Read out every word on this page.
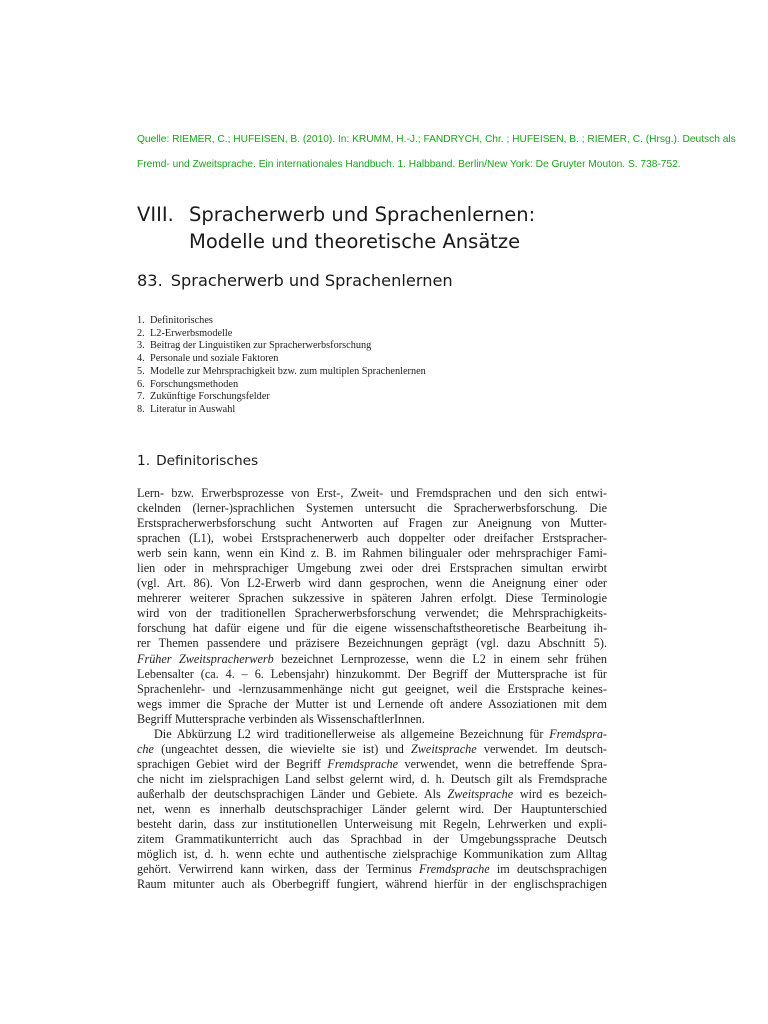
Quelle: RIEMER, C.; HUFEISEN, B. (2010). In: KRUMM, H.-J.; FANDRYCH, Chr. ; HUFEISEN, B. ; RIEMER, C. (Hrsg.). Deutsch als
Fremd- und Zweitsprache. Ein internationales Handbuch. 1. Halbband. Berlin/New York: De Gruyter Mouton. S. 738-752.
VIII. Spracherwerb und Sprachenlernen:
Modelle und theoretische Ansätze
83. Spracherwerb und Sprachenlernen
1. Definitorisches
2. L2-Erwerbsmodelle
3. Beitrag der Linguistiken zur Spracherwerbsforschung
4. Personale und soziale Faktoren
5. Modelle zur Mehrsprachigkeit bzw. zum multiplen Sprachenlernen
6. Forschungsmethoden
7. Zukünftige Forschungsfelder
8. Literatur in Auswahl
1. Definitorisches
Lern- bzw. Erwerbsprozesse von Erst-, Zweit- und Fremdsprachen und den sich entwi-
ckelnden (lerner-)sprachlichen Systemen untersucht die Spracherwerbsforschung. Die
Erstspracherwerbsforschung sucht Antworten auf Fragen zur Aneignung von Mutter-
sprachen (L1), wobei Erstsprachenerwerb auch doppelter oder dreifacher Erstspracher-
werb sein kann, wenn ein Kind z. B. im Rahmen bilingualer oder mehrsprachiger Fami-
lien oder in mehrsprachiger Umgebung zwei oder drei Erstsprachen simultan erwirbt
(vgl. Art. 86). Von L2-Erwerb wird dann gesprochen, wenn die Aneignung einer oder
mehrerer weiterer Sprachen sukzessive in späteren Jahren erfolgt. Diese Terminologie
wird von der traditionellen Spracherwerbsforschung verwendet; die Mehrsprachigkeits-
forschung hat dafür eigene und für die eigene wissenschaftstheoretische Bearbeitung ih-
rer Themen passendere und präzisere Bezeichnungen geprägt (vgl. dazu Abschnitt 5).
Früher Zweitspracherwerb bezeichnet Lernprozesse, wenn die L2 in einem sehr frühen
Lebensalter (ca. 4. – 6. Lebensjahr) hinzukommt. Der Begriff der Muttersprache ist für
Sprachenlehr- und -lernzusammenhänge nicht gut geeignet, weil die Erstsprache keines-
wegs immer die Sprache der Mutter ist und Lernende oft andere Assoziationen mit dem
Begriff Muttersprache verbinden als WissenschaftlerInnen.
Die Abkürzung L2 wird traditionellerweise als allgemeine Bezeichnung für Fremdspra-
che (ungeachtet dessen, die wievielte sie ist) und Zweitsprache verwendet. Im deutsch-
sprachigen Gebiet wird der Begriff Fremdsprache verwendet, wenn die betreffende Spra-
che nicht im zielsprachigen Land selbst gelernt wird, d. h. Deutsch gilt als Fremdsprache
außerhalb der deutschsprachigen Länder und Gebiete. Als Zweitsprache wird es bezeich-
net, wenn es innerhalb deutschsprachiger Länder gelernt wird. Der Hauptunterschied
besteht darin, dass zur institutionellen Unterweisung mit Regeln, Lehrwerken und expli-
zitem Grammatikunterricht auch das Sprachbad in der Umgebungssprache Deutsch
möglich ist, d. h. wenn echte und authentische zielsprachige Kommunikation zum Alltag
gehört. Verwirrend kann wirken, dass der Terminus Fremdsprache im deutschsprachigen
Raum mitunter auch als Oberbegriff fungiert, während hierfür in der englischsprachigen
